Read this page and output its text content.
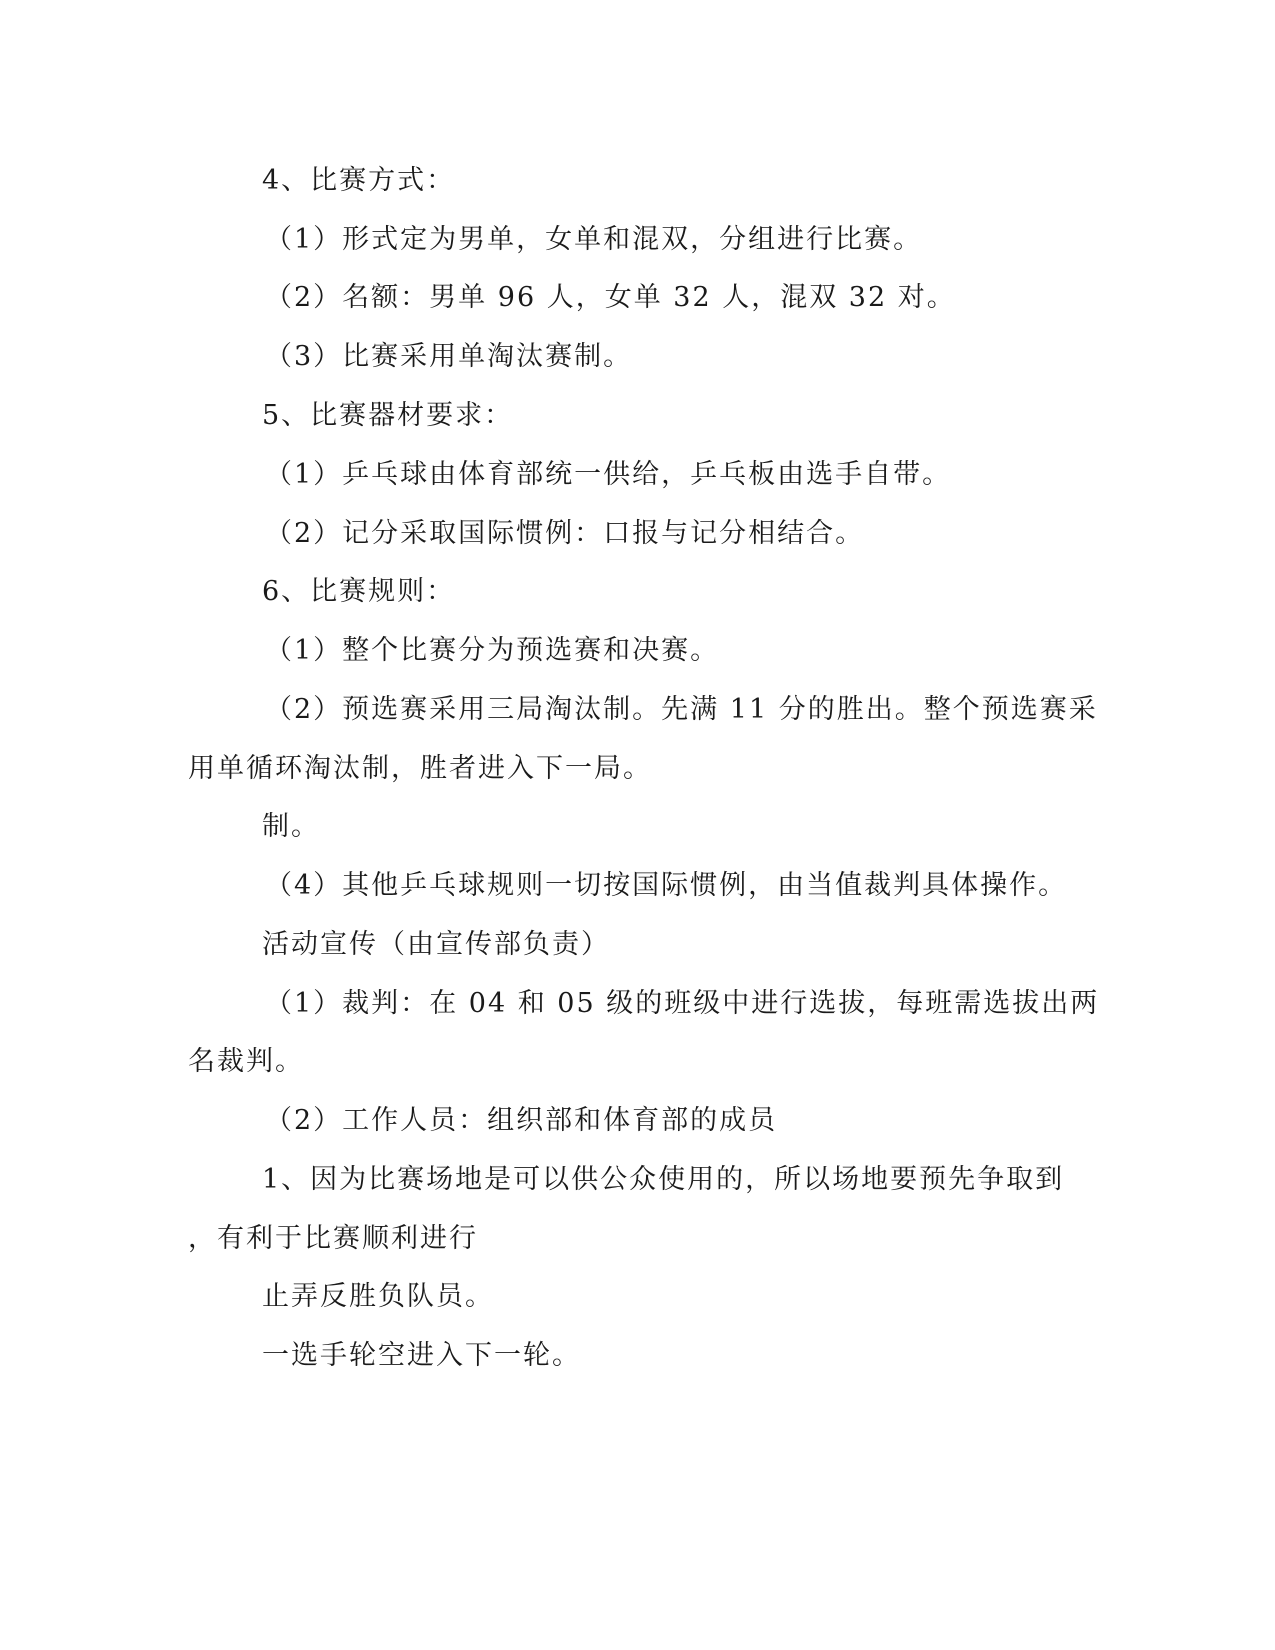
4、比赛方式：
（1）形式定为男单，女单和混双，分组进行比赛。
（2）名额：男单 96 人，女单 32 人，混双 32 对。
（3）比赛采用单淘汰赛制。
5、比赛器材要求：
（1）乒乓球由体育部统一供给，乒乓板由选手自带。
（2）记分采取国际惯例：口报与记分相结合。
6、比赛规则：
（1）整个比赛分为预选赛和决赛。
（2）预选赛采用三局淘汰制。先满 11 分的胜出。整个预选赛采
用单循环淘汰制，胜者进入下一局。
制。
（4）其他乒乓球规则一切按国际惯例，由当值裁判具体操作。
活动宣传（由宣传部负责）
（1）裁判：在 04 和 05 级的班级中进行选拔，每班需选拔出两
名裁判。
（2）工作人员：组织部和体育部的成员
1、因为比赛场地是可以供公众使用的，所以场地要预先争取到
，有利于比赛顺利进行
止弄反胜负队员。
一选手轮空进入下一轮。
